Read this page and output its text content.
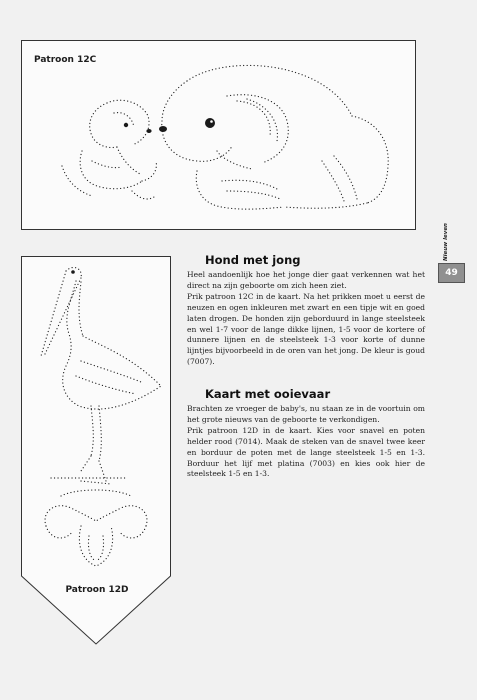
Patroon 12C
Patroon 12D
Nieuw leven
49
Hond met jong

Heel aandoenlijk hoe het jonge dier gaat verkennen wat het direct na zijn geboorte om zich heen ziet.

Prik patroon 12C in de kaart. Na het prikken moet u eerst de neuzen en ogen inkleuren met zwart en een tipje wit en goed laten drogen. De honden zijn geborduurd in lange steelsteek en wel 1-7 voor de lange dikke lijnen, 1-5 voor de kortere of dunnere lijnen en de steelsteek 1-3 voor korte of dunne lijntjes bijvoorbeeld in de oren van het jong. De kleur is goud (7007).

Kaart met ooievaar

Brachten ze vroeger de baby's, nu staan ze in de voortuin om het grote nieuws van de geboorte te verkondigen.

Prik patroon 12D in de kaart. Kies voor snavel en poten helder rood (7014). Maak de steken van de snavel twee keer en borduur de poten met de lange steelsteek 1-5 en 1-3. Borduur het lijf met platina (7003) en kies ook hier de steelsteek 1-5 en 1-3.
